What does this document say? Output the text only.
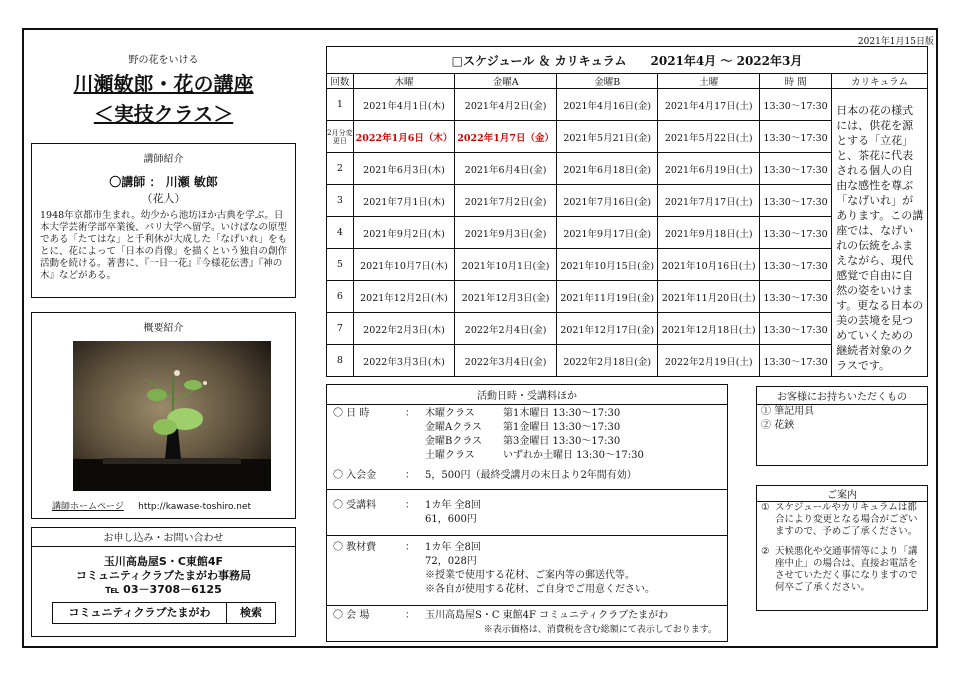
2021年1月15日版
野の花をいける
川瀬敏郎・花の講座
＜実技クラス＞
講師紹介
〇講師 ： 川瀬 敏郎
（花人）
1948年京都市生まれ。幼少から池坊ほか古典を学ぶ。日本大学芸術学部卒業後、パリ大学へ留学。いけばなの原型である「たてはな」と千利休が大成した「なげいれ」をもとに、花によって「日本の肖像」を描くという独自の創作活動を続ける。著書に、『一日一花』『今様花伝書』『神の木』などがある。
概要紹介
講師ホームページ http://kawase-toshiro.net
お申し込み・お問い合わせ
玉川高島屋S・C東館4F
コミュニティクラブたまがわ事務局
℡ 03－3708－6125
コミュニティクラブたまがわ	検索
□スケジュール ＆ カリキュラム　　2021年4月 ～ 2022年3月						
回数	木曜	金曜A	金曜B	土曜	時 間	カリキュラム
1	2021年4月1日(木)	2021年4月2日(金)	2021年4月16日(金)	2021年4月17日(土)	13:30～17:30	日本の花の様式には、供花を源とする「立花」と、茶花に代表される個人の自由な感性を尊ぶ「なげいれ」があります。この講座では、なげいれの伝統をふまえながら、現代感覚で自由に自然の姿をいけます。更なる日本の美の芸境を見つめていくための継続者対象のクラスです。
2月分変更日	2022年1月6日（木）	2022年1月7日（金）	2021年5月21日(金)	2021年5月22日(土)	13:30～17:30	
2	2021年6月3日(木)	2021年6月4日(金)	2021年6月18日(金)	2021年6月19日(土)	13:30～17:30	
3	2021年7月1日(木)	2021年7月2日(金)	2021年7月16日(金)	2021年7月17日(土)	13:30～17:30	
4	2021年9月2日(木)	2021年9月3日(金)	2021年9月17日(金)	2021年9月18日(土)	13:30～17:30	
5	2021年10月7日(木)	2021年10月1日(金)	2021年10月15日(金)	2021年10月16日(土)	13:30～17:30	
6	2021年12月2日(木)	2021年12月3日(金)	2021年11月19日(金)	2021年11月20日(土)	13:30～17:30	
7	2022年2月3日(木)	2022年2月4日(金)	2021年12月17日(金)	2021年12月18日(土)	13:30～17:30	
8	2022年3月3日(木)	2022年3月4日(金)	2022年2月18日(金)	2022年2月19日(土)	13:30～17:30	
活動日時・受講料ほか
〇 日 時	： 木曜クラス	第1木曜日 13:30～17:30
金曜Aクラス 第1金曜日 13:30～17:30
金曜Bクラス 第3金曜日 13:30～17:30
土曜クラス	いずれか土曜日 13:30～17:30
〇 入会金	： 5，500円（最終受講月の末日より2年間有効）
〇 受講料	： 1カ年 全8回
61，600円
〇 教材費	： 1カ年 全8回
72，028円
※授業で使用する花材、ご案内等の郵送代等。
※各自が使用する花材、ご自身でご用意ください。
〇 会 場	： 玉川高島屋S・C 東館4F コミュニティクラブたまがわ
※表示価格は、消費税を含む総額にて表示しております。
お客様にお持ちいただくもの
① 筆記用具
② 花鋏
ご案内
① スケジュールやカリキュラムは都合により変更となる場合がございますので、予めご了承ください。
② 天候悪化や交通事情等により「講座中止」の場合は、直接お電話をさせていただく事になりますので何卒ご了承ください。
